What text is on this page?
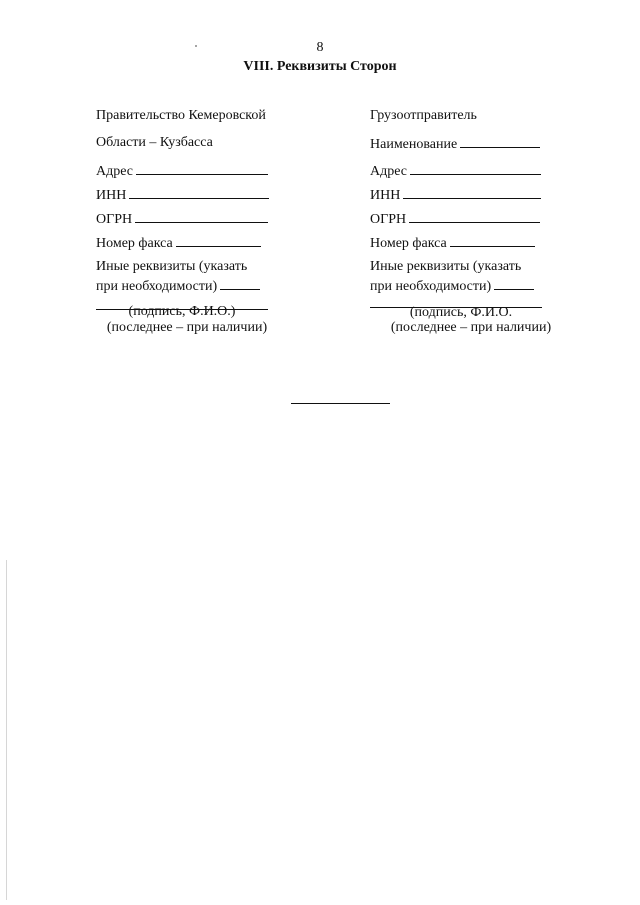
8
VIII. Реквизиты Сторон
Правительство Кемеровской
Области – Кузбасса
Адрес
ИНН
ОГРН
Номер факса
Иные реквизиты (указать
при необходимости)
(подпись, Ф.И.О.)
(последнее – при наличии)
Грузоотправитель
Наименование
Адрес
ИНН
ОГРН
Номер факса
Иные реквизиты (указать
при необходимости)
(подпись, Ф.И.О.
(последнее – при наличии)
